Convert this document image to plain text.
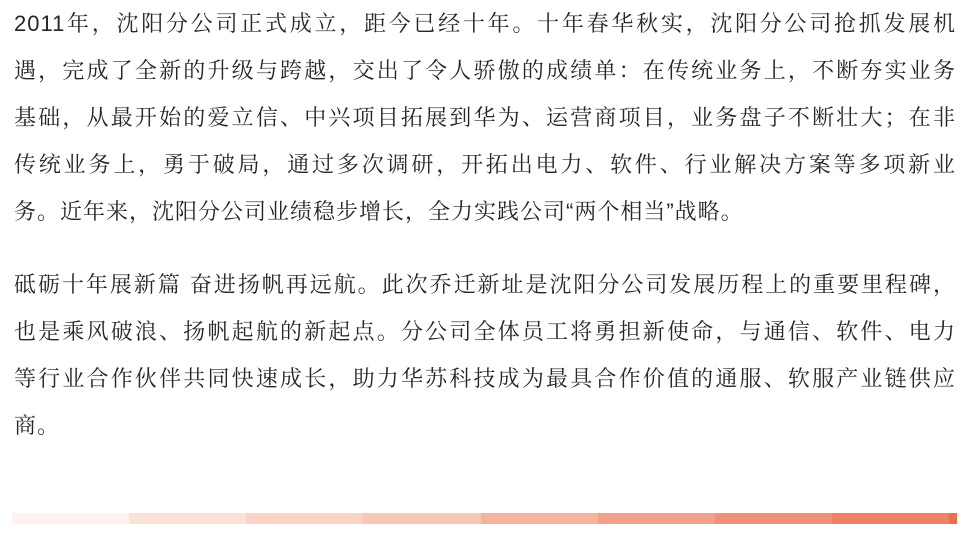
2011年，沈阳分公司正式成立，距今已经十年。十年春华秋实，沈阳分公司抢抓发展机
遇，完成了全新的升级与跨越，交出了令人骄傲的成绩单：在传统业务上，不断夯实业务
基础，从最开始的爱立信、中兴项目拓展到华为、运营商项目，业务盘子不断壮大；在非
传统业务上，勇于破局，通过多次调研，开拓出电力、软件、行业解决方案等多项新业
务。近年来，沈阳分公司业绩稳步增长，全力实践公司“两个相当”战略。
砥砺十年展新篇 奋进扬帆再远航。此次乔迁新址是沈阳分公司发展历程上的重要里程碑，
也是乘风破浪、扬帆起航的新起点。分公司全体员工将勇担新使命，与通信、软件、电力
等行业合作伙伴共同快速成长，助力华苏科技成为最具合作价值的通服、软服产业链供应
商。
